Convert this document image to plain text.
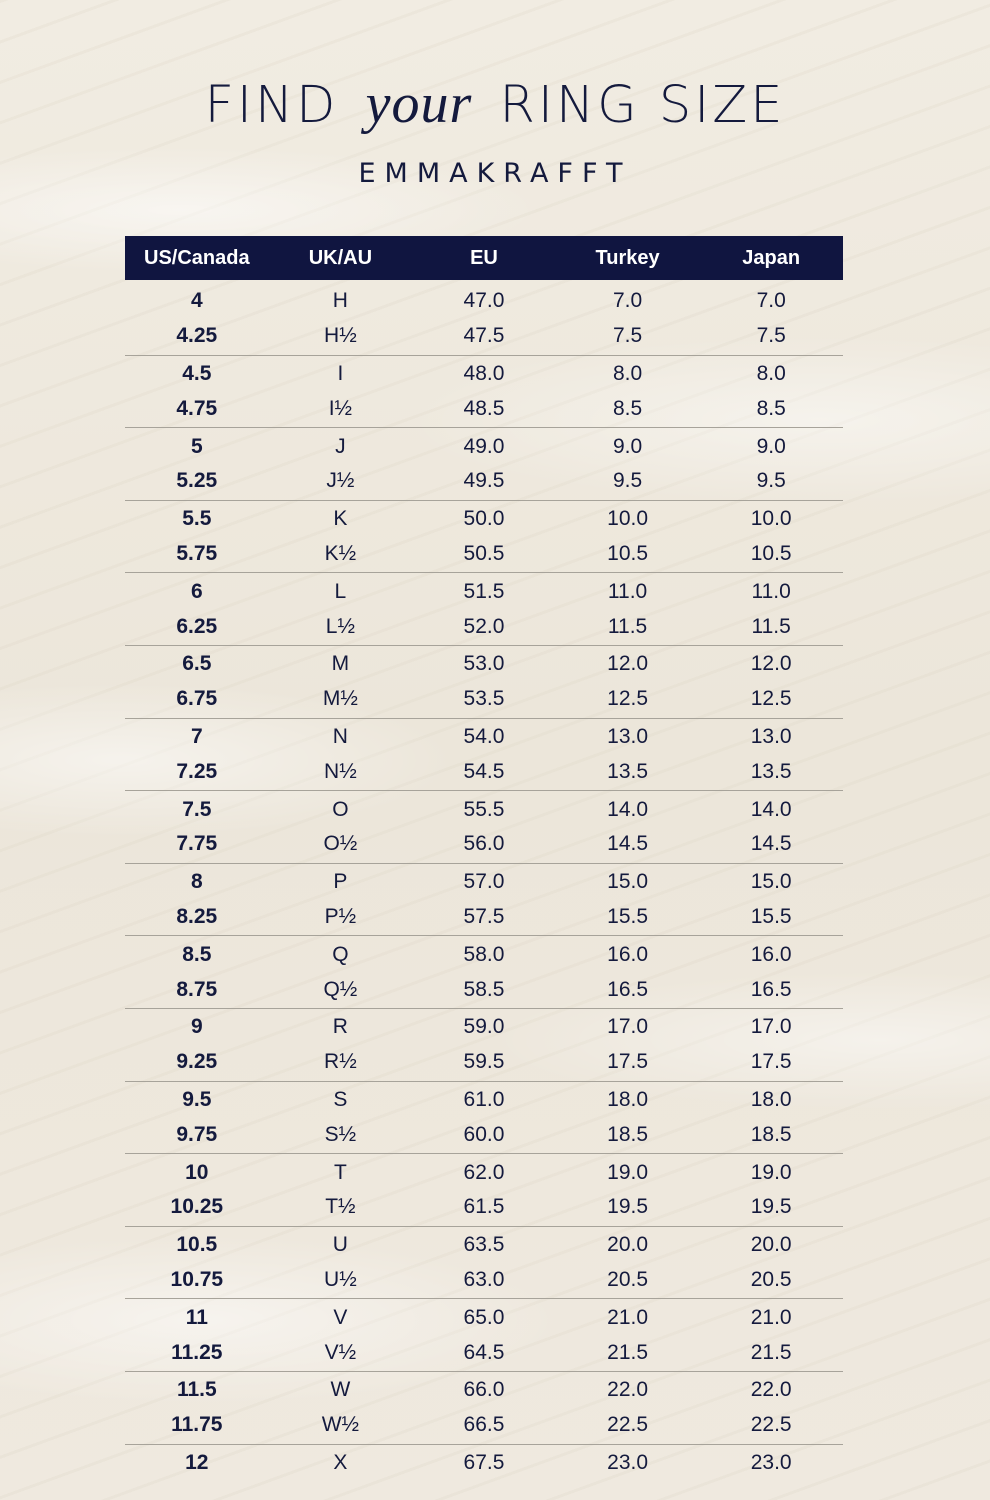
FIND your RING SIZE
EMMAKRAFFT
US/Canada	UK/AU	EU	Turkey	Japan
4	H	47.0	7.0	7.0
4.25	H½	47.5	7.5	7.5
4.5	I	48.0	8.0	8.0
4.75	I½	48.5	8.5	8.5
5	J	49.0	9.0	9.0
5.25	J½	49.5	9.5	9.5
5.5	K	50.0	10.0	10.0
5.75	K½	50.5	10.5	10.5
6	L	51.5	11.0	11.0
6.25	L½	52.0	11.5	11.5
6.5	M	53.0	12.0	12.0
6.75	M½	53.5	12.5	12.5
7	N	54.0	13.0	13.0
7.25	N½	54.5	13.5	13.5
7.5	O	55.5	14.0	14.0
7.75	O½	56.0	14.5	14.5
8	P	57.0	15.0	15.0
8.25	P½	57.5	15.5	15.5
8.5	Q	58.0	16.0	16.0
8.75	Q½	58.5	16.5	16.5
9	R	59.0	17.0	17.0
9.25	R½	59.5	17.5	17.5
9.5	S	61.0	18.0	18.0
9.75	S½	60.0	18.5	18.5
10	T	62.0	19.0	19.0
10.25	T½	61.5	19.5	19.5
10.5	U	63.5	20.0	20.0
10.75	U½	63.0	20.5	20.5
11	V	65.0	21.0	21.0
11.25	V½	64.5	21.5	21.5
11.5	W	66.0	22.0	22.0
11.75	W½	66.5	22.5	22.5
12	X	67.5	23.0	23.0
